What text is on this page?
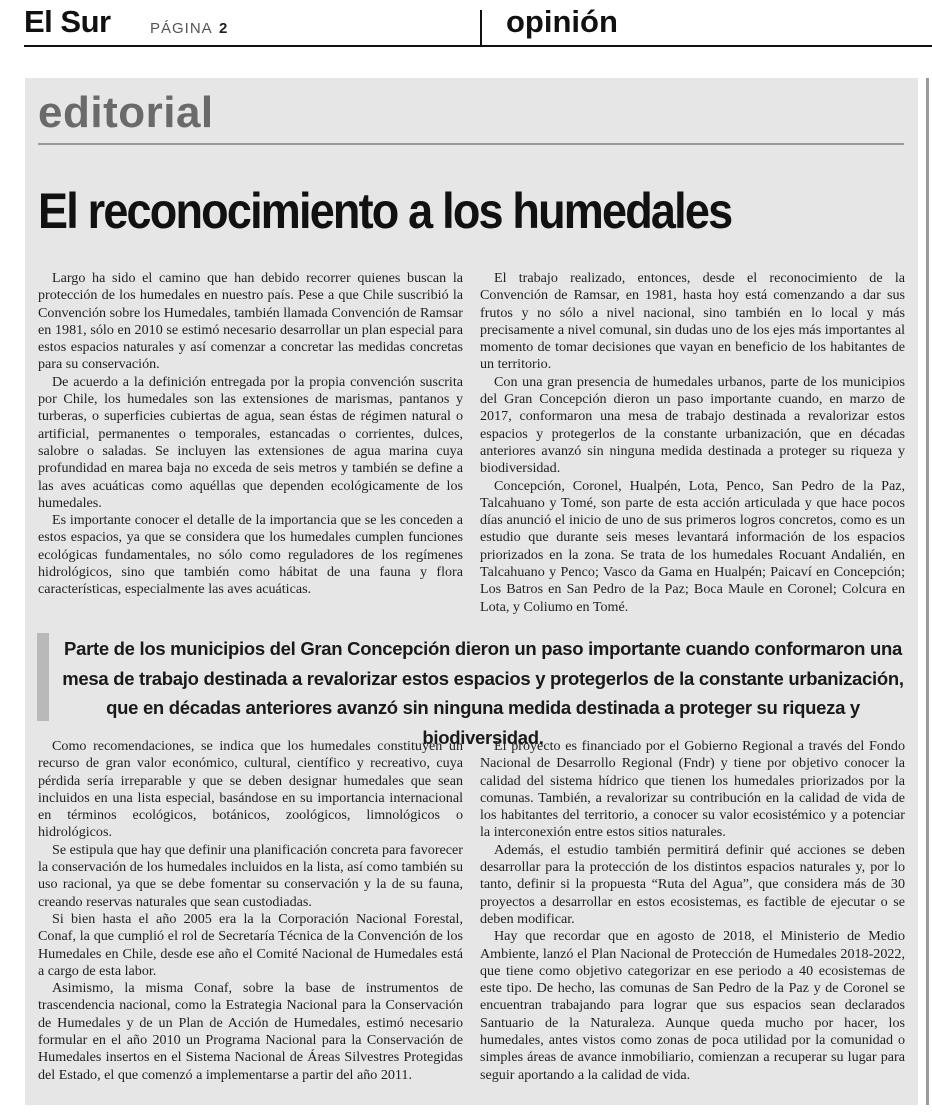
El Sur	PÁGINA 2	opinión
editorial
El reconocimiento a los humedales

Largo ha sido el camino que han debido recorrer quienes buscan la protección de los humedales en nuestro país. Pese a que Chile suscribió la Convención sobre los Humedales, también llamada Convención de Ramsar en 1981, sólo en 2010 se estimó necesario desarrollar un plan especial para estos espacios naturales y así comenzar a concretar las medidas concretas para su conservación.

De acuerdo a la definición entregada por la propia convención suscrita por Chile, los humedales son las extensiones de marismas, pantanos y turberas, o superficies cubiertas de agua, sean éstas de régimen natural o artificial, permanentes o temporales, estancadas o corrientes, dulces, salobre o saladas. Se incluyen las extensiones de agua marina cuya profundidad en marea baja no exceda de seis metros y también se define a las aves acuáticas como aquéllas que dependen ecológicamente de los humedales.

Es importante conocer el detalle de la importancia que se les conceden a estos espacios, ya que se considera que los humedales cumplen funciones ecológicas fundamentales, no sólo como reguladores de los regímenes hidrológicos, sino que también como hábitat de una fauna y flora características, especialmente las aves acuáticas.

El trabajo realizado, entonces, desde el reconocimiento de la Convención de Ramsar, en 1981, hasta hoy está comenzando a dar sus frutos y no sólo a nivel nacional, sino también en lo local y más precisamente a nivel comunal, sin dudas uno de los ejes más importantes al momento de tomar decisiones que vayan en beneficio de los habitantes de un territorio.

Con una gran presencia de humedales urbanos, parte de los municipios del Gran Concepción dieron un paso importante cuando, en marzo de 2017, conformaron una mesa de trabajo destinada a revalorizar estos espacios y protegerlos de la constante urbanización, que en décadas anteriores avanzó sin ninguna medida destinada a proteger su riqueza y biodiversidad.

Concepción, Coronel, Hualpén, Lota, Penco, San Pedro de la Paz, Talcahuano y Tomé, son parte de esta acción articulada y que hace pocos días anunció el inicio de uno de sus primeros logros concretos, como es un estudio que durante seis meses levantará información de los espacios priorizados en la zona. Se trata de los humedales Rocuant Andalién, en Talcahuano y Penco; Vasco da Gama en Hualpén; Paicaví en Concepción; Los Batros en San Pedro de la Paz; Boca Maule en Coronel; Colcura en Lota, y Coliumo en Tomé.

Parte de los municipios del Gran Concepción dieron un paso importante cuando conformaron una mesa de trabajo destinada a revalorizar estos espacios y protegerlos de la constante urbanización, que en décadas anteriores avanzó sin ninguna medida destinada a proteger su riqueza y biodiversidad.

Como recomendaciones, se indica que los humedales constituyen un recurso de gran valor económico, cultural, científico y recreativo, cuya pérdida sería irreparable y que se deben designar humedales que sean incluidos en una lista especial, basándose en su importancia internacional en términos ecológicos, botánicos, zoológicos, limnológicos o hidrológicos.

Se estipula que hay que definir una planificación concreta para favorecer la conservación de los humedales incluidos en la lista, así como también su uso racional, ya que se debe fomentar su conservación y la de su fauna, creando reservas naturales que sean custodiadas.

Si bien hasta el año 2005 era la la Corporación Nacional Forestal, Conaf, la que cumplió el rol de Secretaría Técnica de la Convención de los Humedales en Chile, desde ese año el Comité Nacional de Humedales está a cargo de esta labor.

Asimismo, la misma Conaf, sobre la base de instrumentos de trascendencia nacional, como la Estrategia Nacional para la Conservación de Humedales y de un Plan de Acción de Humedales, estimó necesario formular en el año 2010 un Programa Nacional para la Conservación de Humedales insertos en el Sistema Nacional de Áreas Silvestres Protegidas del Estado, el que comenzó a implementarse a partir del año 2011.

El proyecto es financiado por el Gobierno Regional a través del Fondo Nacional de Desarrollo Regional (Fndr) y tiene por objetivo conocer la calidad del sistema hídrico que tienen los humedales priorizados por la comunas. También, a revalorizar su contribución en la calidad de vida de los habitantes del territorio, a conocer su valor ecosistémico y a potenciar la interconexión entre estos sitios naturales.

Además, el estudio también permitirá definir qué acciones se deben desarrollar para la protección de los distintos espacios naturales y, por lo tanto, definir si la propuesta “Ruta del Agua”, que considera más de 30 proyectos a desarrollar en estos ecosistemas, es factible de ejecutar o se deben modificar.

Hay que recordar que en agosto de 2018, el Ministerio de Medio Ambiente, lanzó el Plan Nacional de Protección de Humedales 2018-2022, que tiene como objetivo categorizar en ese periodo a 40 ecosistemas de este tipo. De hecho, las comunas de San Pedro de la Paz y de Coronel se encuentran trabajando para lograr que sus espacios sean declarados Santuario de la Naturaleza. Aunque queda mucho por hacer, los humedales, antes vistos como zonas de poca utilidad por la comunidad o simples áreas de avance inmobiliario, comienzan a recuperar su lugar para seguir aportando a la calidad de vida.
